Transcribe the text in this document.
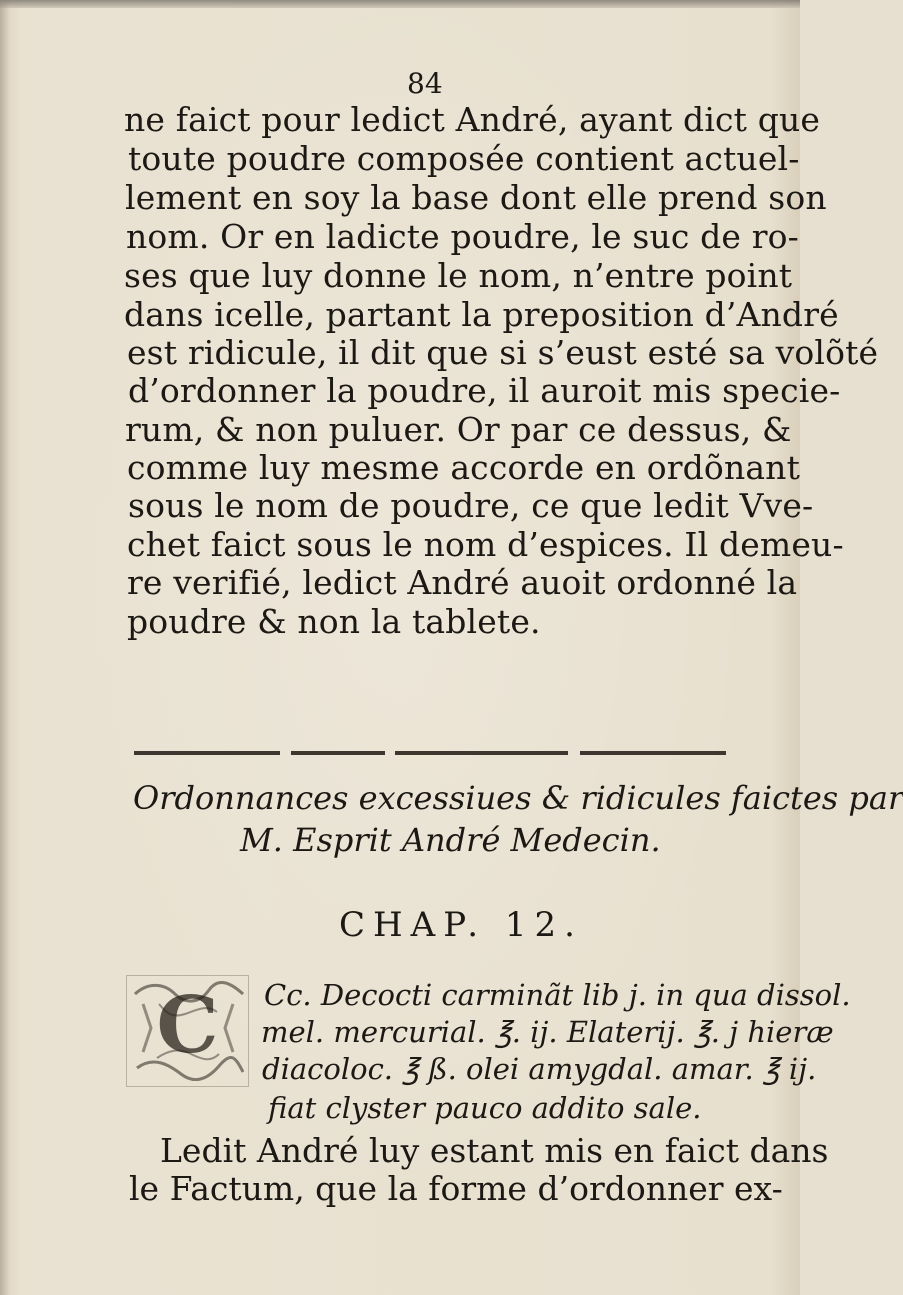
84
ne faict pour ledict André, ayant dict que
toute poudre composée contient actuel-
lement en soy la base dont elle prend son
nom. Or en ladicte poudre, le suc de ro-
ses que luy donne le nom, n’entre point
dans icelle, partant la preposition d’André
est ridicule, il dit que si s’eust esté sa volõté
d’ordonner la poudre, il auroit mis specie-
rum, & non puluer. Or par ce dessus, &
comme luy mesme accorde en ordõnant
sous le nom de poudre, ce que ledit Vve-
chet faict sous le nom d’espices. Il demeu-
re verifié, ledict André auoit ordonné la
poudre & non la tablete.
Ordonnances excessiues & ridicules faictes par
M. Esprit André Medecin.
CHAP. 12.
C	Cc. Decocti carminãt lib j. in qua dissol.
mel. mercurial. ℥. ij. Elaterij. ℥. j hieræ
diacoloc. ℥ ß. olei amygdal. amar. ℥ ij.
fiat clyster pauco addito sale.
Ledit André luy estant mis en faict dans
le Factum, que la forme d’ordonner ex-
